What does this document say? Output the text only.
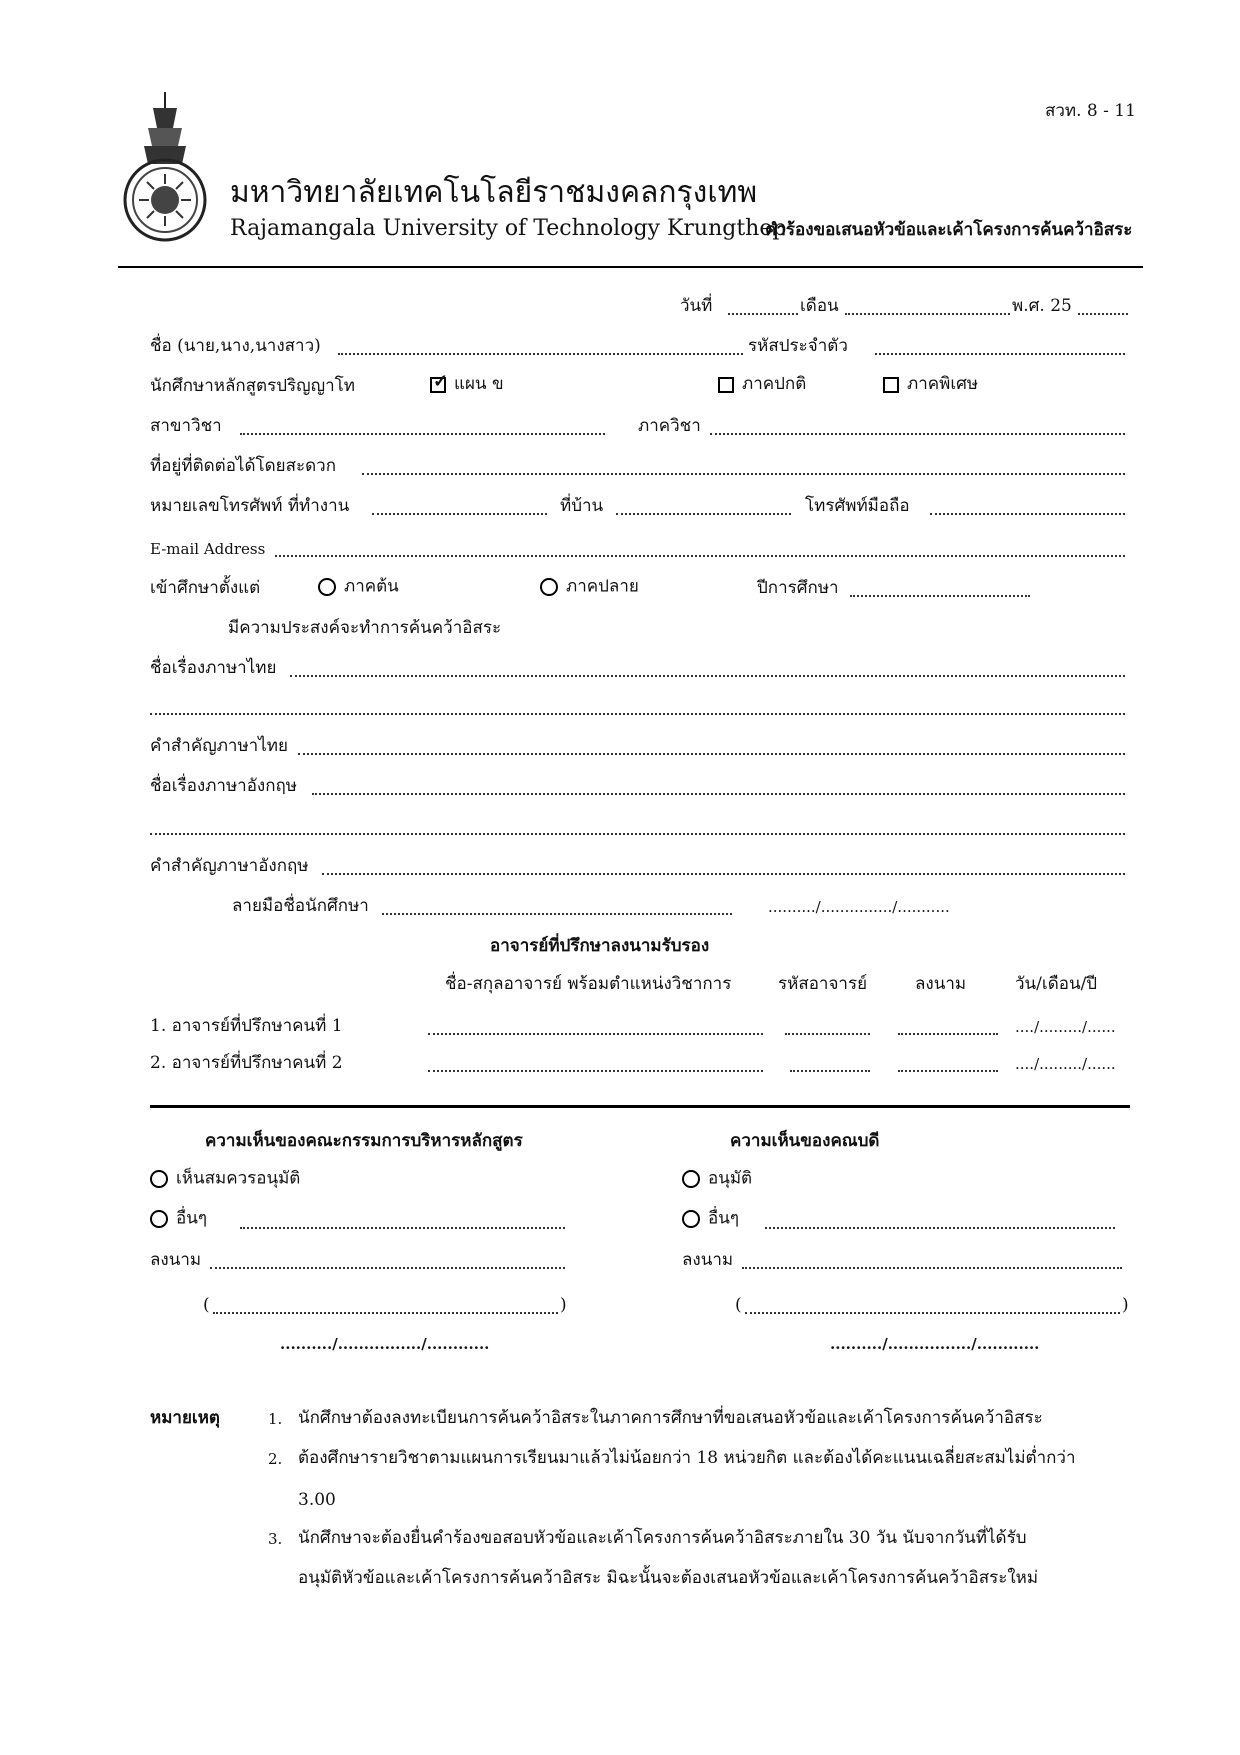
สวท. 8 - 11
มหาวิทยาลัยเทคโนโลยีราชมงคลกรุงเทพ
Rajamangala University of Technology Krungthep
คำร้องขอเสนอหัวข้อและเค้าโครงการค้นคว้าอิสระ
วันที่	เดือน	พ.ศ. 25
ชื่อ (นาย,นาง,นางสาว)	รหัสประจำตัว
นักศึกษาหลักสูตรปริญญาโท
✓	แผน ข	ภาคปกติ	ภาคพิเศษ
สาขาวิชา	ภาควิชา
ที่อยู่ที่ติดต่อได้โดยสะดวก
หมายเลขโทรศัพท์ ที่ทำงาน	ที่บ้าน	โทรศัพท์มือถือ
E-mail Address
เข้าศึกษาตั้งแต่	ภาคต้น	ภาคปลาย	ปีการศึกษา
มีความประสงค์จะทำการค้นคว้าอิสระ
ชื่อเรื่องภาษาไทย
คำสำคัญภาษาไทย
ชื่อเรื่องภาษาอังกฤษ
คำสำคัญภาษาอังกฤษ
ลายมือชื่อนักศึกษา	........../.............../...........
อาจารย์ที่ปรึกษาลงนามรับรอง
ชื่อ-สกุลอาจารย์ พร้อมตำแหน่งวิชาการ	รหัสอาจารย์	ลงนาม	วัน/เดือน/ปี
1. อาจารย์ที่ปรึกษาคนที่ 1	..../........./......
2. อาจารย์ที่ปรึกษาคนที่ 2	..../........./......
ความเห็นของคณะกรรมการบริหารหลักสูตร
เห็นสมควรอนุมัติ
อื่นๆ
ลงนาม
(	)
........../................/............
ความเห็นของคณบดี
อนุมัติ
อื่นๆ
ลงนาม
(	)
........../................/............
หมายเหตุ	1. นักศึกษาต้องลงทะเบียนการค้นคว้าอิสระในภาคการศึกษาที่ขอเสนอหัวข้อและเค้าโครงการค้นคว้าอิสระ
2. ต้องศึกษารายวิชาตามแผนการเรียนมาแล้วไม่น้อยกว่า 18 หน่วยกิต และต้องได้คะแนนเฉลี่ยสะสมไม่ต่ำกว่า
3.00
3. นักศึกษาจะต้องยื่นคำร้องขอสอบหัวข้อและเค้าโครงการค้นคว้าอิสระภายใน 30 วัน นับจากวันที่ได้รับ
อนุมัติหัวข้อและเค้าโครงการค้นคว้าอิสระ มิฉะนั้นจะต้องเสนอหัวข้อและเค้าโครงการค้นคว้าอิสระใหม่
